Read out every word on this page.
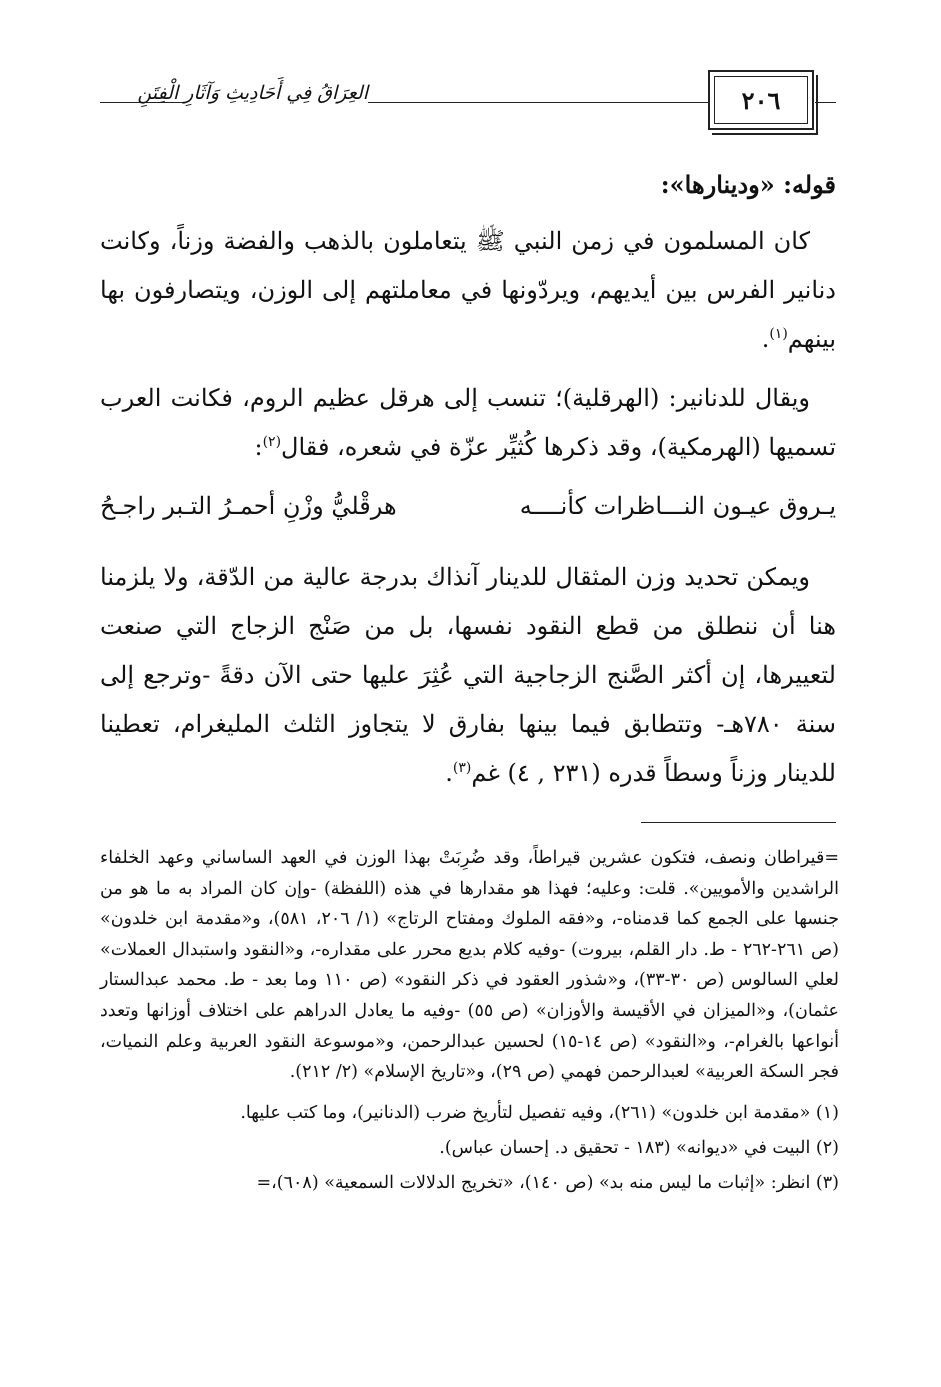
العِرَاقُ فِي أَحَادِيثِ وَآثَارِ الْفِتَنِ	٢٠٦
قوله: «ودينارها»:

كان المسلمون في زمن النبي ﷺ يتعاملون بالذهب والفضة وزناً، وكانت دنانير الفرس بين أيديهم، ويردّونها في معاملتهم إلى الوزن، ويتصارفون بها بينهم$^{(١)}$.

ويقال للدنانير: (الهرقلية)؛ تنسب إلى هرقل عظيم الروم، فكانت العرب تسميها (الهرمكية)، وقد ذكرها كُثيِّر عزّة في شعره، فقال$^{(٢)}$:

يـروق عيـون النـــاظرات كأنــــه
هرقْليُّ وزْنِ أحمـرُ التـبر راجـحُ

ويمكن تحديد وزن المثقال للدينار آنذاك بدرجة عالية من الدّقة، ولا يلزمنا هنا أن ننطلق من قطع النقود نفسها، بل من صَنْج الزجاج التي صنعت لتعييرها، إن أكثر الصَّنج الزجاجية التي عُثِرَ عليها حتى الآن دقةً -وترجع إلى سنة ٧٨٠هـ- وتتطابق فيما بينها بفارق لا يتجاوز الثلث المليغرام، تعطينا للدينار وزناً وسطاً قدره (٢٣١ , ٤) غم$^{(٣)}$.

=قيراطان ونصف، فتكون عشرين قيراطاً، وقد ضُرِبَتْ بهذا الوزن في العهد الساساني وعهد الخلفاء الراشدين والأمويين». قلت: وعليه؛ فهذا هو مقدارها في هذه (اللفظة) -وإن كان المراد به ما هو من جنسها على الجمع كما قدمناه-، و«فقه الملوك ومفتاح الرتاج» (١/ ٢٠٦، ٥٨١)، و«مقدمة ابن خلدون» (ص ٢٦١-٢٦٢ - ط. دار القلم، بيروت) -وفيه كلام بديع محرر على مقداره-، و«النقود واستبدال العملات» لعلي السالوس (ص ٣٠-٣٣)، و«شذور العقود في ذكر النقود» (ص ١١٠ وما بعد - ط. محمد عبدالستار عثمان)، و«الميزان في الأقيسة والأوزان» (ص ٥٥) -وفيه ما يعادل الدراهم على اختلاف أوزانها وتعدد أنواعها بالغرام-، و«النقود» (ص ١٤-١٥) لحسين عبدالرحمن، و«موسوعة النقود العربية وعلم النميات، فجر السكة العربية» لعبدالرحمن فهمي (ص ٢٩)، و«تاريخ الإسلام» (٢/ ٢١٢).

(١) «مقدمة ابن خلدون» (٢٦١)، وفيه تفصيل لتأريخ ضرب (الدنانير)، وما كتب عليها.

(٢) البيت في «ديوانه» (١٨٣ - تحقيق د. إحسان عباس).

(٣) انظر: «إثبات ما ليس منه بد» (ص ١٤٠)، «تخريج الدلالات السمعية» (٦٠٨)،=
